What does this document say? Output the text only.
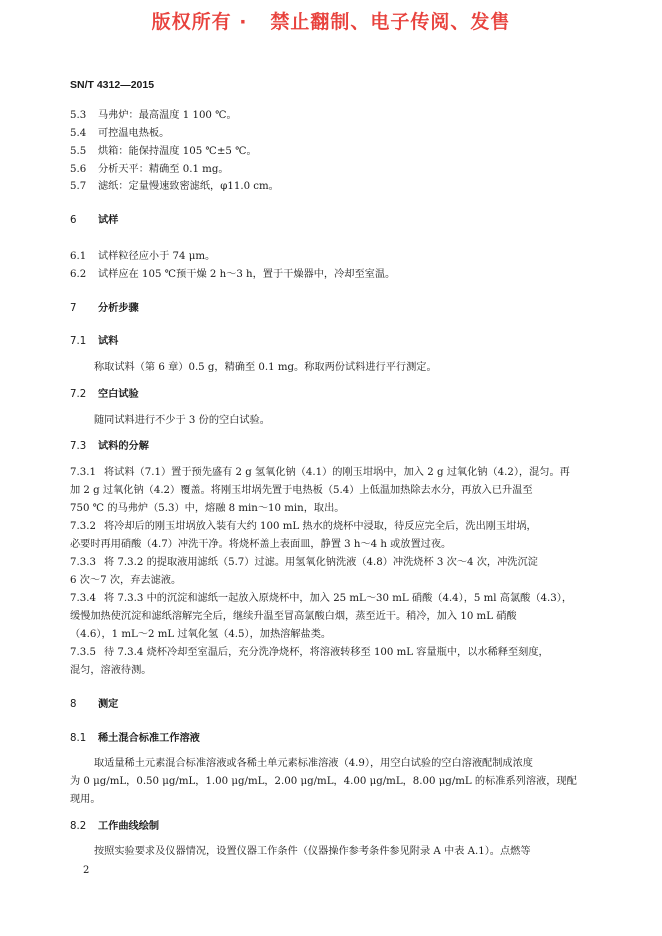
版权所有 ·   禁止翻制、电子传阅、发售
SN/T 4312—2015
5.3 马弗炉：最高温度 1 100 ℃。
5.4 可控温电热板。
5.5 烘箱：能保持温度 105 ℃±5 ℃。
5.6 分析天平：精确至 0.1 mg。
5.7 滤纸：定量慢速致密滤纸，φ11.0 cm。
6 试样
6.1 试样粒径应小于 74 μm。
6.2 试样应在 105 ℃预干燥 2 h～3 h，置于干燥器中，冷却至室温。
7 分析步骤
7.1 试料
称取试料（第 6 章）0.5 g，精确至 0.1 mg。称取两份试料进行平行测定。
7.2 空白试验
随同试料进行不少于 3 份的空白试验。
7.3 试料的分解
7.3.1 将试料（7.1）置于预先盛有 2 g 氢氧化钠（4.1）的刚玉坩埚中，加入 2 g 过氧化钠（4.2），混匀。再
加 2 g 过氧化钠（4.2）覆盖。将刚玉坩埚先置于电热板（5.4）上低温加热除去水分，再放入已升温至
750 ℃ 的马弗炉（5.3）中，熔融 8 min～10 min，取出。
7.3.2 将冷却后的刚玉坩埚放入装有大约 100 mL 热水的烧杯中浸取，待反应完全后，洗出刚玉坩埚，
必要时再用硝酸（4.7）冲洗干净。将烧杯盖上表面皿，静置 3 h～4 h 或放置过夜。
7.3.3 将 7.3.2 的提取液用滤纸（5.7）过滤。用氢氧化钠洗液（4.8）冲洗烧杯 3 次～4 次，冲洗沉淀
6 次～7 次，弃去滤液。
7.3.4 将 7.3.3 中的沉淀和滤纸一起放入原烧杯中，加入 25 mL～30 mL 硝酸（4.4），5 ml 高氯酸（4.3），
缓慢加热使沉淀和滤纸溶解完全后，继续升温至冒高氯酸白烟，蒸至近干。稍冷，加入 10 mL 硝酸
（4.6），1 mL～2 mL 过氧化氢（4.5），加热溶解盐类。
7.3.5 待 7.3.4 烧杯冷却至室温后，充分洗净烧杯，将溶液转移至 100 mL 容量瓶中，以水稀释至刻度，
混匀，溶液待测。
8 测定
8.1 稀土混合标准工作溶液
取适量稀土元素混合标准溶液或各稀土单元素标准溶液（4.9），用空白试验的空白溶液配制成浓度
为 0 μg/mL，0.50 μg/mL，1.00 μg/mL，2.00 μg/mL，4.00 μg/mL，8.00 μg/mL 的标准系列溶液，现配
现用。
8.2 工作曲线绘制
按照实验要求及仪器情况，设置仪器工作条件（仪器操作参考条件参见附录 A 中表 A.1）。点燃等
2
